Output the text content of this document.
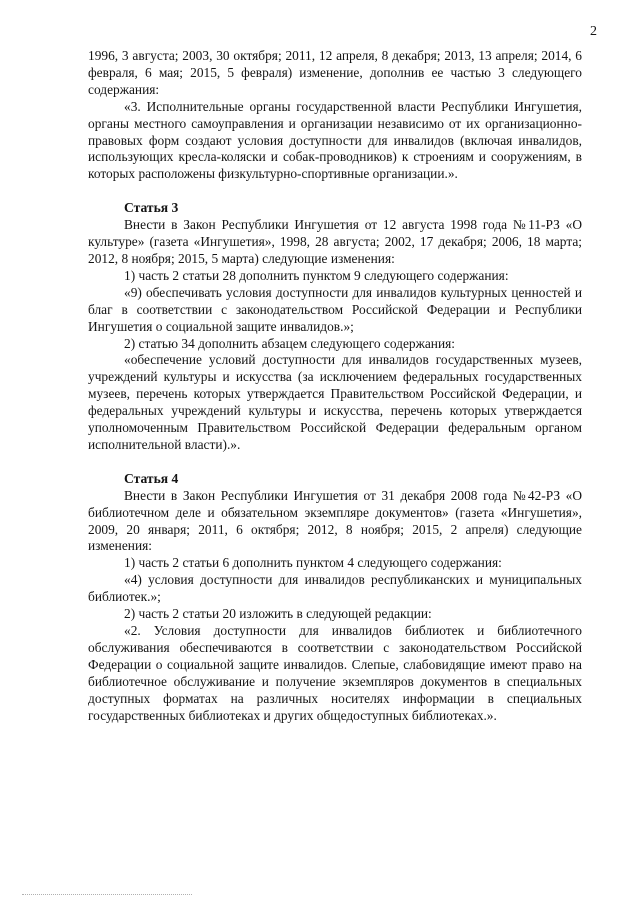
2

1996, 3 августа; 2003, 30 октября; 2011, 12 апреля, 8 декабря; 2013, 13 апреля; 2014, 6 февраля, 6 мая; 2015, 5 февраля) изменение, дополнив ее частью 3 следующего содержания:

«3. Исполнительные органы государственной власти Республики Ингушетия, органы местного самоуправления и организации независимо от их организационно-правовых форм создают условия доступности для инвалидов (включая инвалидов, использующих кресла-коляски и собак-проводников) к строениям и сооружениям, в которых расположены физкультурно-спортивные организации.».

Статья 3

Внести в Закон Республики Ингушетия от 12 августа 1998 года №11-РЗ «О культуре» (газета «Ингушетия», 1998, 28 августа; 2002, 17 декабря; 2006, 18 марта; 2012, 8 ноября; 2015, 5 марта) следующие изменения:

1) часть 2 статьи 28 дополнить пунктом 9 следующего содержания:

«9) обеспечивать условия доступности для инвалидов культурных ценностей и благ в соответствии с законодательством Российской Федерации и Республики Ингушетия о социальной защите инвалидов.»;

2) статью 34 дополнить абзацем следующего содержания:

«обеспечение условий доступности для инвалидов государственных музеев, учреждений культуры и искусства (за исключением федеральных государственных музеев, перечень которых утверждается Правительством Российской Федерации, и федеральных учреждений культуры и искусства, перечень которых утверждается уполномоченным Правительством Российской Федерации федеральным органом исполнительной власти).».

Статья 4

Внести в Закон Республики Ингушетия от 31 декабря 2008 года №42-РЗ «О библиотечном деле и обязательном экземпляре документов» (газета «Ингушетия», 2009, 20 января; 2011, 6 октября; 2012, 8 ноября; 2015, 2 апреля) следующие изменения:

1) часть 2 статьи 6 дополнить пунктом 4 следующего содержания:

«4) условия доступности для инвалидов республиканских и муниципальных библиотек.»;

2) часть 2 статьи 20 изложить в следующей редакции:

«2. Условия доступности для инвалидов библиотек и библиотечного обслуживания обеспечиваются в соответствии с законодательством Российской Федерации о социальной защите инвалидов. Слепые, слабовидящие имеют право на библиотечное обслуживание и получение экземпляров документов в специальных доступных форматах на различных носителях информации в специальных государственных библиотеках и других общедоступных библиотеках.».
